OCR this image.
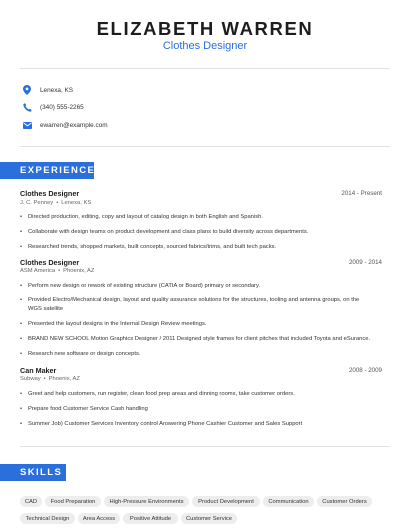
ELIZABETH WARREN
Clothes Designer
Lenexa, KS
(340) 555-2265
ewarren@example.com
EXPERIENCE
Clothes Designer	2014 - Present
J. C. Penney • Lenexa, KS
•	Directed production, editing, copy and layout of catalog design in both English and Spanish.
•	Collaborate with design teams on product development and class plans to build diversity across departments.
•	Researched trends, shopped markets, built concepts, sourced fabrics/trims, and built tech packs.
Clothes Designer	2009 - 2014
ASM America • Phoenix, AZ
•	Perform new design or rework of existing structure (CATIA or Board) primary or secondary.
•	Provided Electro/Mechanical design, layout and quality assurance solutions for the structures, tooling and antenna groups, on the WGS satellite
•	Presented the layout designs in the Internal Design Review meetings.
•	BRAND NEW SCHOOL Motion Graphics Designer / 2011 Designed style frames for client pitches that included Toyota and eSurance.
•	Research new software or design concepts.
Can Maker	2008 - 2009
Subway • Phoenix, AZ
•	Greet and help customers, run register, clean food prep areas and dinning rooms, take customer orders.
•	Prepare food Customer Service Cash handling
•	Summer Job) Customer Services Inventory control Answering Phone Cashier Customer and Sales Support
SKILLS
CAD	Food Preparation	High-Pressure Environments	Product Development	Communication	Customer Orders
Technical Design	Area Access	Positive Attitude	Customer Service
